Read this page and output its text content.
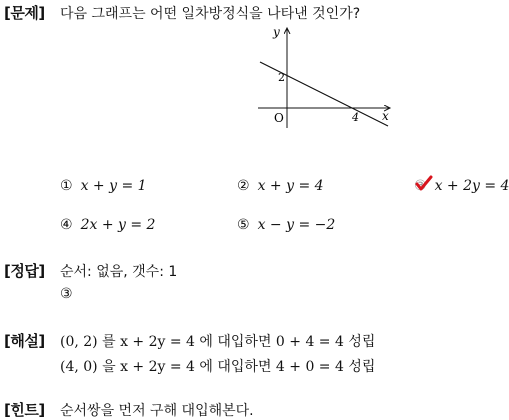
[문제] 다음 그래프는 어떤 일차방정식을 나타낸 것인가?
y
x
O
2
4
① x + y = 1	② x + y = 4	③ x + 2y = 4
④ 2x + y = 2	⑤ x − y = −2
[정답] 순서: 없음, 갯수: 1
③
[해설] (0, 2) 를 x + 2y = 4 에 대입하면 0 + 4 = 4 성립
(4, 0) 을 x + 2y = 4 에 대입하면 4 + 0 = 4 성립
[힌트] 순서쌍을 먼저 구해 대입해본다.
